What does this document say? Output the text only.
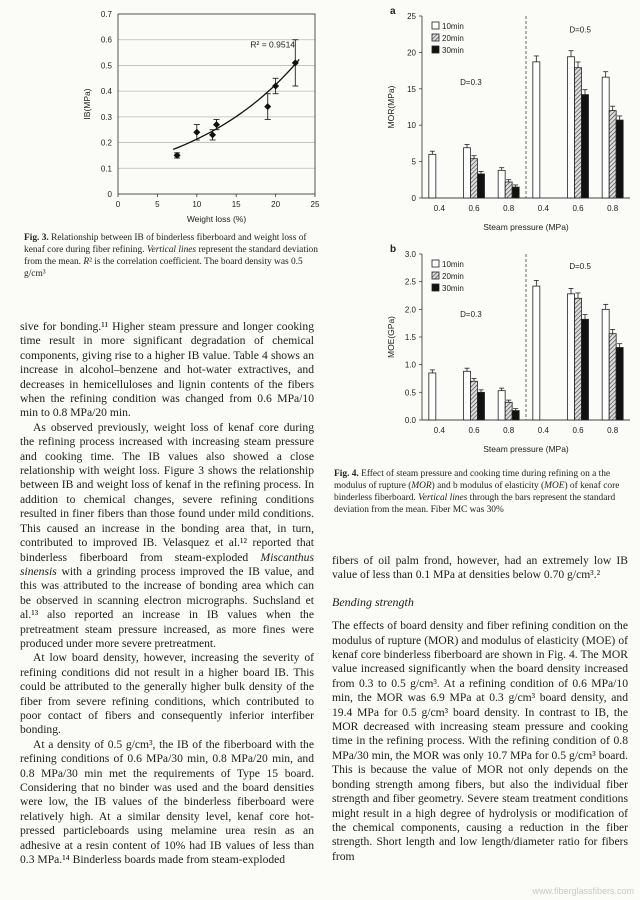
0
0.1
0.2
0.3
0.4
0.5
0.6
0.7
0	5	10	15	20	25
Weight loss (%)
IB(MPa)
R² = 0.9514
Fig. 3. Relationship between IB of binderless fiberboard and weight loss of kenaf core during fiber refining. Vertical lines represent the standard deviation from the mean. R² is the correlation coefficient. The board density was 0.5 g/cm³
a
0
5
10
15
20
25
MOR(MPa)
Steam pressure (MPa)
0.4	0.6	0.8	0.4	0.6	0.8
D=0.3
D=0.5
10min
20min
30min
b
0.0
0.5
1.0
1.5
2.0
2.5
3.0
MOE(GPa)
Steam pressure (MPa)
0.4	0.6	0.8	0.4	0.6	0.8
D=0.3
D=0.5
10min
20min
30min
Fig. 4. Effect of steam pressure and cooking time during refining on a the modulus of rupture (MOR) and b modulus of elasticity (MOE) of kenaf core binderless fiberboard. Vertical lines through the bars represent the standard deviation from the mean. Fiber MC was 30%

sive for bonding.¹¹ Higher steam pressure and longer cooking time result in more significant degradation of chemical components, giving rise to a higher IB value. Table 4 shows an increase in alcohol–benzene and hot-water extractives, and decreases in hemicelluloses and lignin contents of the fibers when the refining condition was changed from 0.6 MPa/10 min to 0.8 MPa/20 min.

As observed previously, weight loss of kenaf core during the refining process increased with increasing steam pressure and cooking time. The IB values also showed a close relationship with weight loss. Figure 3 shows the relationship between IB and weight loss of kenaf in the refining process. In addition to chemical changes, severe refining conditions resulted in finer fibers than those found under mild conditions. This caused an increase in the bonding area that, in turn, contributed to improved IB. Velasquez et al.¹² reported that binderless fiberboard from steam-exploded Miscanthus sinensis with a grinding process improved the IB value, and this was attributed to the increase of bonding area which can be observed in scanning electron micrographs. Suchsland et al.¹³ also reported an increase in IB values when the pretreatment steam pressure increased, as more fines were produced under more severe pretreatment.

At low board density, however, increasing the severity of refining conditions did not result in a higher board IB. This could be attributed to the generally higher bulk density of the fiber from severe refining conditions, which contributed to poor contact of fibers and consequently inferior interfiber bonding.

At a density of 0.5 g/cm³, the IB of the fiberboard with the refining conditions of 0.6 MPa/30 min, 0.8 MPa/20 min, and 0.8 MPa/30 min met the requirements of Type 15 board. Considering that no binder was used and the board densities were low, the IB values of the binderless fiberboard were relatively high. At a similar density level, kenaf core hot-pressed particleboards using melamine urea resin as an adhesive at a resin content of 10% had IB values of less than 0.3 MPa.¹⁴ Binderless boards made from steam-exploded

fibers of oil palm frond, however, had an extremely low IB value of less than 0.1 MPa at densities below 0.70 g/cm³.²

Bending strength

The effects of board density and fiber refining condition on the modulus of rupture (MOR) and modulus of elasticity (MOE) of kenaf core binderless fiberboard are shown in Fig. 4. The MOR value increased significantly when the board density increased from 0.3 to 0.5 g/cm³. At a refining condition of 0.6 MPa/10 min, the MOR was 6.9 MPa at 0.3 g/cm³ board density, and 19.4 MPa for 0.5 g/cm³ board density. In contrast to IB, the MOR decreased with increasing steam pressure and cooking time in the refining process. With the refining condition of 0.8 MPa/30 min, the MOR was only 10.7 MPa for 0.5 g/cm³ board. This is because the value of MOR not only depends on the bonding strength among fibers, but also the individual fiber strength and fiber geometry. Severe steam treatment conditions might result in a high degree of hydrolysis or modification of the chemical components, causing a reduction in the fiber strength. Short length and low length/diameter ratio for fibers from

www.fiberglassfibers.com
